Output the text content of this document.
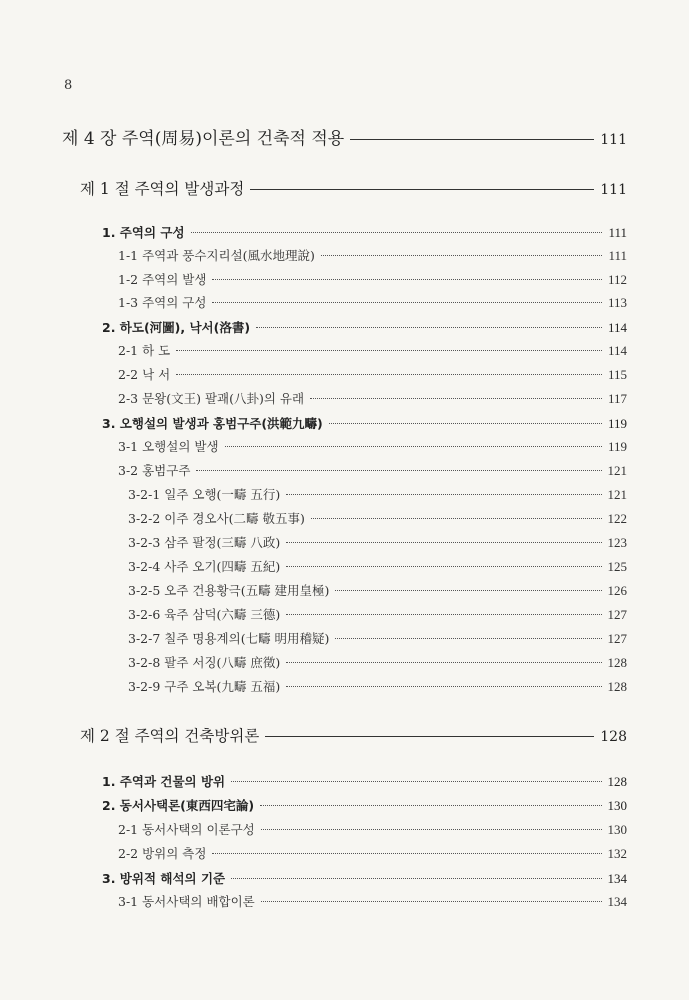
8
제 4 장 주역(周易)이론의 건축적 적용	111
제 1 절 주역의 발생과정	111
1. 주역의 구성	111
1-1 주역과 풍수지리설(風水地理說)	111
1-2 주역의 발생	112
1-3 주역의 구성	113
2. 하도(河圖), 낙서(洛書)	114
2-1 하 도	114
2-2 낙 서	115
2-3 문왕(文王) 팔괘(八卦)의 유래	117
3. 오행설의 발생과 홍범구주(洪範九疇)	119
3-1 오행설의 발생	119
3-2 홍범구주	121
3-2-1 일주 오행(一疇 五行)	121
3-2-2 이주 경오사(二疇 敬五事)	122
3-2-3 삼주 팔정(三疇 八政)	123
3-2-4 사주 오기(四疇 五紀)	125
3-2-5 오주 건용황극(五疇 建用皇極)	126
3-2-6 육주 삼덕(六疇 三德)	127
3-2-7 칠주 명용계의(七疇 明用稽疑)	127
3-2-8 팔주 서징(八疇 庶徵)	128
3-2-9 구주 오복(九疇 五福)	128
제 2 절 주역의 건축방위론	128
1. 주역과 건물의 방위	128
2. 동서사택론(東西四宅論)	130
2-1 동서사택의 이론구성	130
2-2 방위의 측정	132
3. 방위적 해석의 기준	134
3-1 동서사택의 배합이론	134
